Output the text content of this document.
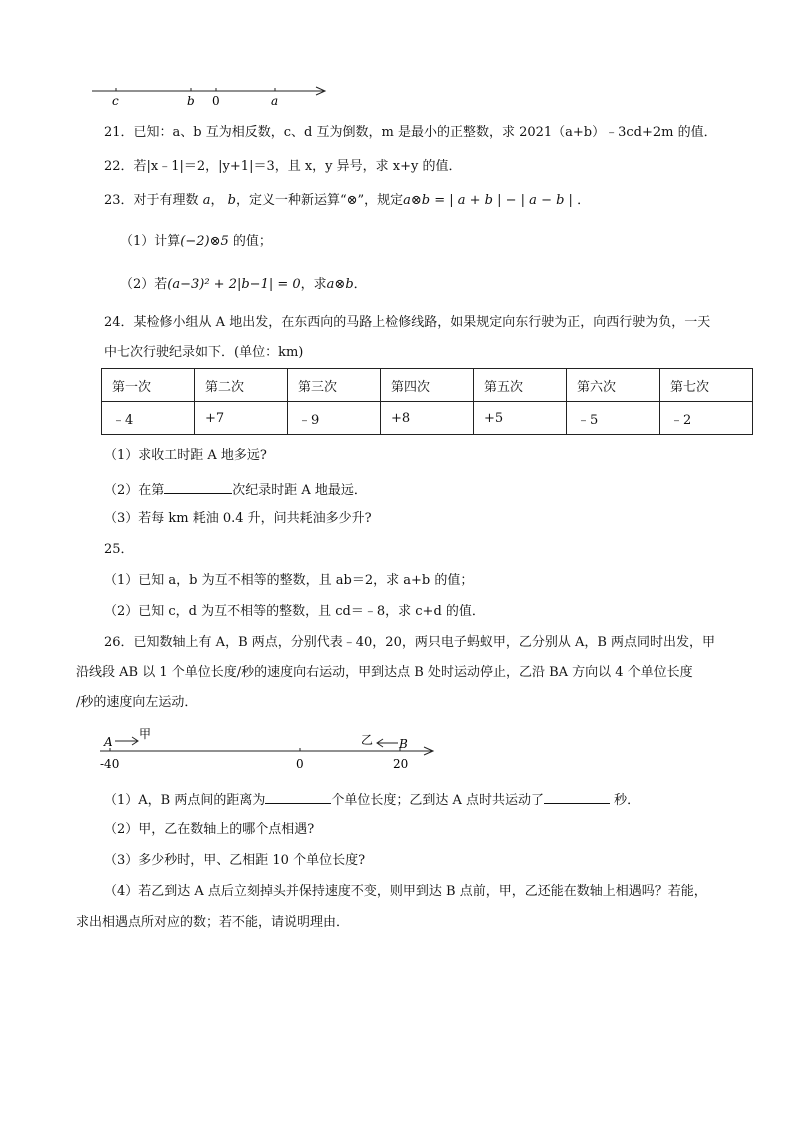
c	b 0	a
21．已知：a、b 互为相反数，c、d 互为倒数，m 是最小的正整数，求 2021（a+b）﹣3cd+2m 的值．
22．若|x﹣1|＝2，|y+1|＝3，且 x，y 异号，求 x+y 的值．
23．对于有理数 a， b，定义一种新运算“⊗”，规定a⊗b = | a + b | − | a − b | ．
（1）计算(−2)⊗5 的值；
（2）若(a−3)² + 2|b−1| = 0，求a⊗b．
24．某检修小组从 A 地出发，在东西向的马路上检修线路，如果规定向东行驶为正，向西行驶为负，一天
中七次行驶纪录如下．(单位：km)
第一次	第二次	第三次	第四次	第五次	第六次	第七次
﹣4	+7	﹣9	+8	+5	﹣5	﹣2
（1）求收工时距 A 地多远?
（2）在第	次纪录时距 A 地最远．
（3）若每 km 耗油 0.4 升，问共耗油多少升?
25．
（1）已知 a，b 为互不相等的整数，且 ab＝2，求 a+b 的值；
（2）已知 c，d 为互不相等的整数，且 cd＝﹣8，求 c+d 的值．
26．已知数轴上有 A，B 两点，分别代表﹣40，20，两只电子蚂蚁甲，乙分别从 A，B 两点同时出发，甲
沿线段 AB 以 1 个单位长度/秒的速度向右运动，甲到达点 B 处时运动停止，乙沿 BA 方向以 4 个单位长度
/秒的速度向左运动．
A
甲	乙 B
-40	0	20
（1）A，B 两点间的距离为	个单位长度；乙到达 A 点时共运动了	秒．
（2）甲，乙在数轴上的哪个点相遇?
（3）多少秒时，甲、乙相距 10 个单位长度?
（4）若乙到达 A 点后立刻掉头并保持速度不变，则甲到达 B 点前，甲，乙还能在数轴上相遇吗？若能，
求出相遇点所对应的数；若不能，请说明理由．
